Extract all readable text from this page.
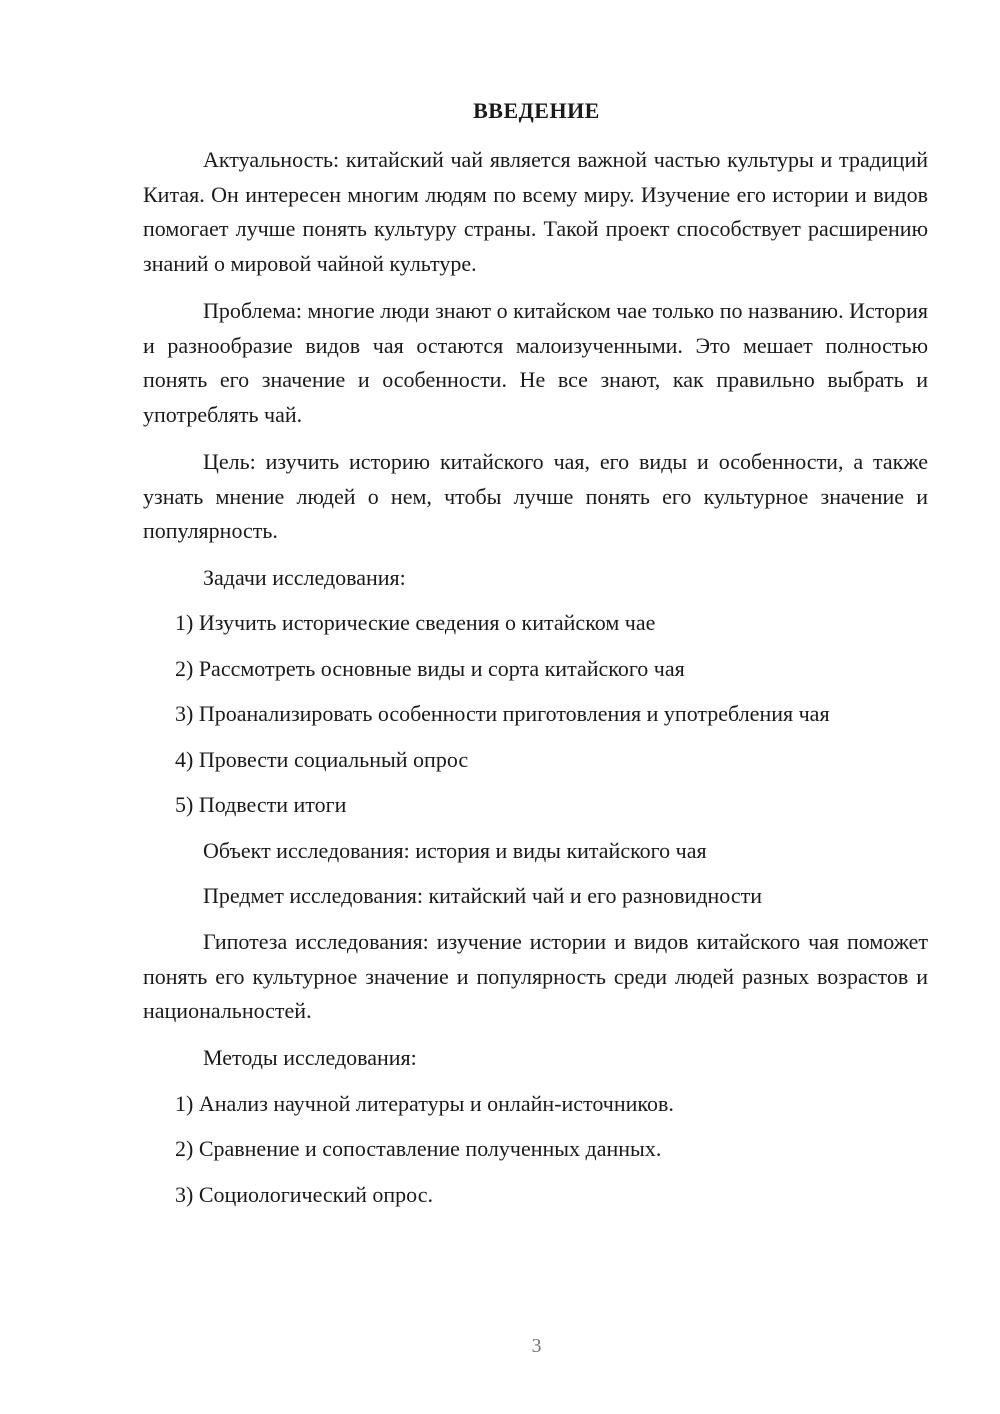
ВВЕДЕНИЕ

Актуальность: китайский чай является важной частью культуры и традиций Китая. Он интересен многим людям по всему миру. Изучение его истории и видов помогает лучше понять культуру страны. Такой проект способствует расширению знаний о мировой чайной культуре.

Проблема: многие люди знают о китайском чае только по названию. История и разнообразие видов чая остаются малоизученными. Это мешает полностью понять его значение и особенности. Не все знают, как правильно выбрать и употреблять чай.

Цель: изучить историю китайского чая, его виды и особенности, а также узнать мнение людей о нем, чтобы лучше понять его культурное значение и популярность.

Задачи исследования:

1) Изучить исторические сведения о китайском чае

2) Рассмотреть основные виды и сорта китайского чая

3) Проанализировать особенности приготовления и употребления чая

4) Провести социальный опрос

5) Подвести итоги

Объект исследования: история и виды китайского чая

Предмет исследования: китайский чай и его разновидности

Гипотеза исследования: изучение истории и видов китайского чая поможет понять его культурное значение и популярность среди людей разных возрастов и национальностей.

Методы исследования:

1) Анализ научной литературы и онлайн-источников.

2) Сравнение и сопоставление полученных данных.

3) Социологический опрос.

3
